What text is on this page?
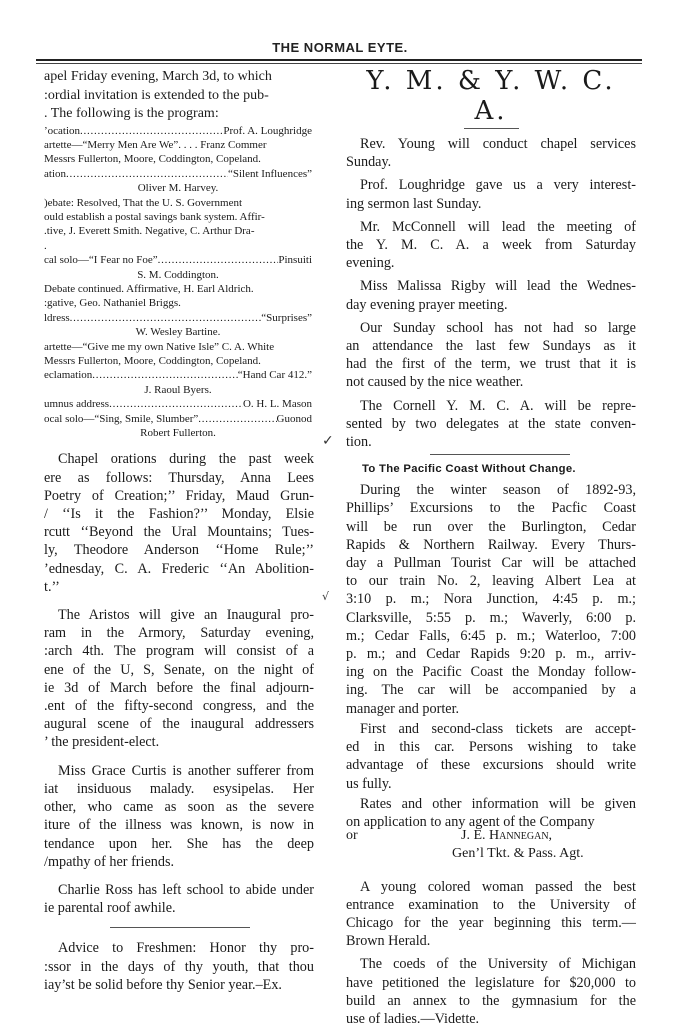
THE NORMAL EYTE.
apel Friday evening, March 3d, to which
:ordial invitation is extended to the pub-
. The following is the program:
’ocation . . .	Prof. A. Loughridge
artette—“Merry Men Are We”. . . . Franz Commer
Messrs Fullerton, Moore, Coddington, Copeland.
ation . . .	“Silent Influences”
Oliver M. Harvey.
)ebate: Resolved, That the U. S. Government
ould establish a postal savings bank system. Affir-
.tive, J. Everett Smith. Negative, C. Arthur Dra-
.
cal solo—“I Fear no Foe” . . .	Pinsuiti
S. M. Coddington.
Debate continued. Affirmative, H. Earl Aldrich.
:gative, Geo. Nathaniel Briggs.
ldress . . .	“Surprises”
W. Wesley Bartine.
artette—“Give me my own Native Isle” C. A. White
Messrs Fullerton, Moore, Coddington, Copeland.
eclamation . . .	“Hand Car 412.”
J. Raoul Byers.
umnus address . . .	O. H. L. Mason
ocal solo—“Sing, Smile, Slumber” . . .	Guonod
Robert Fullerton.
Chapel orations during the past week
ere as follows: Thursday, Anna Lees
Poetry of Creation;’’ Friday, Maud Grun-
/ ‘‘Is it the Fashion?’’ Monday, Elsie
rcutt ‘‘Beyond the Ural Mountains; Tues-
ly, Theodore Anderson ‘‘Home Rule;’’
’ednesday, C. A. Frederic ‘‘An Abolition-
t.’’
The Aristos will give an Inaugural pro-
ram in the Armory, Saturday evening,
:arch 4th. The program will consist of a
ene of the U, S, Senate, on the night of
ie 3d of March before the final adjourn-
.ent of the fifty-second congress, and the
augural scene of the inaugural addressers
’ the president-elect.
Miss Grace Curtis is another sufferer from
iat insiduous malady. esysipelas. Her
other, who came as soon as the severe
iture of the illness was known, is now in
tendance upon her. She has the deep
/mpathy of her friends.
Charlie Ross has left school to abide under
ie parental roof awhile.
Advice to Freshmen: Honor thy pro-
:ssor in the days of thy youth, that thou
iay’st be solid before thy Senior year.–Ex.
✓
√
Y. M. & Y. W. C. A.
Rev. Young will conduct chapel services
Sunday.
Prof. Loughridge gave us a very interest-
ing sermon last Sunday.
Mr. McConnell will lead the meeting of
the Y. M. C. A. a week from Saturday
evening.
Miss Malissa Rigby will lead the Wednes-
day evening prayer meeting.
Our Sunday school has not had so large
an attendance the last few Sundays as it
had the first of the term, we trust that it is
not caused by the nice weather.
The Cornell Y. M. C. A. will be repre-
sented by two delegates at the state conven-
tion.
To The Pacific Coast Without Change.
During the winter season of 1892-93,
Phillips’ Excursions to the Pacfic Coast
will be run over the Burlington, Cedar
Rapids & Northern Railway. Every Thurs-
day a Pullman Tourist Car will be attached
to our train No. 2, leaving Albert Lea at
3:10 p. m.; Nora Junction, 4:45 p. m.;
Clarksville, 5:55 p. m.; Waverly, 6:00 p.
m.; Cedar Falls, 6:45 p. m.; Waterloo, 7:00
p. m.; and Cedar Rapids 9:20 p. m., arriv-
ing on the Pacific Coast the Monday follow-
ing. The car will be accompanied by a
manager and porter.
First and second-class tickets are accept-
ed in this car. Persons wishing to take
advantage of these excursions should write
us fully.
Rates and other information will be given
on application to any agent of the Company
or	J. E. Hannegan,
Gen’l Tkt. & Pass. Agt.
A young colored woman passed the best
entrance examination to the University of
Chicago for the year beginning this term.—
Brown Herald.
The coeds of the University of Michigan
have petitioned the legislature for $20,000 to
build an annex to the gymnasium for the
use of ladies.—Vidette.
